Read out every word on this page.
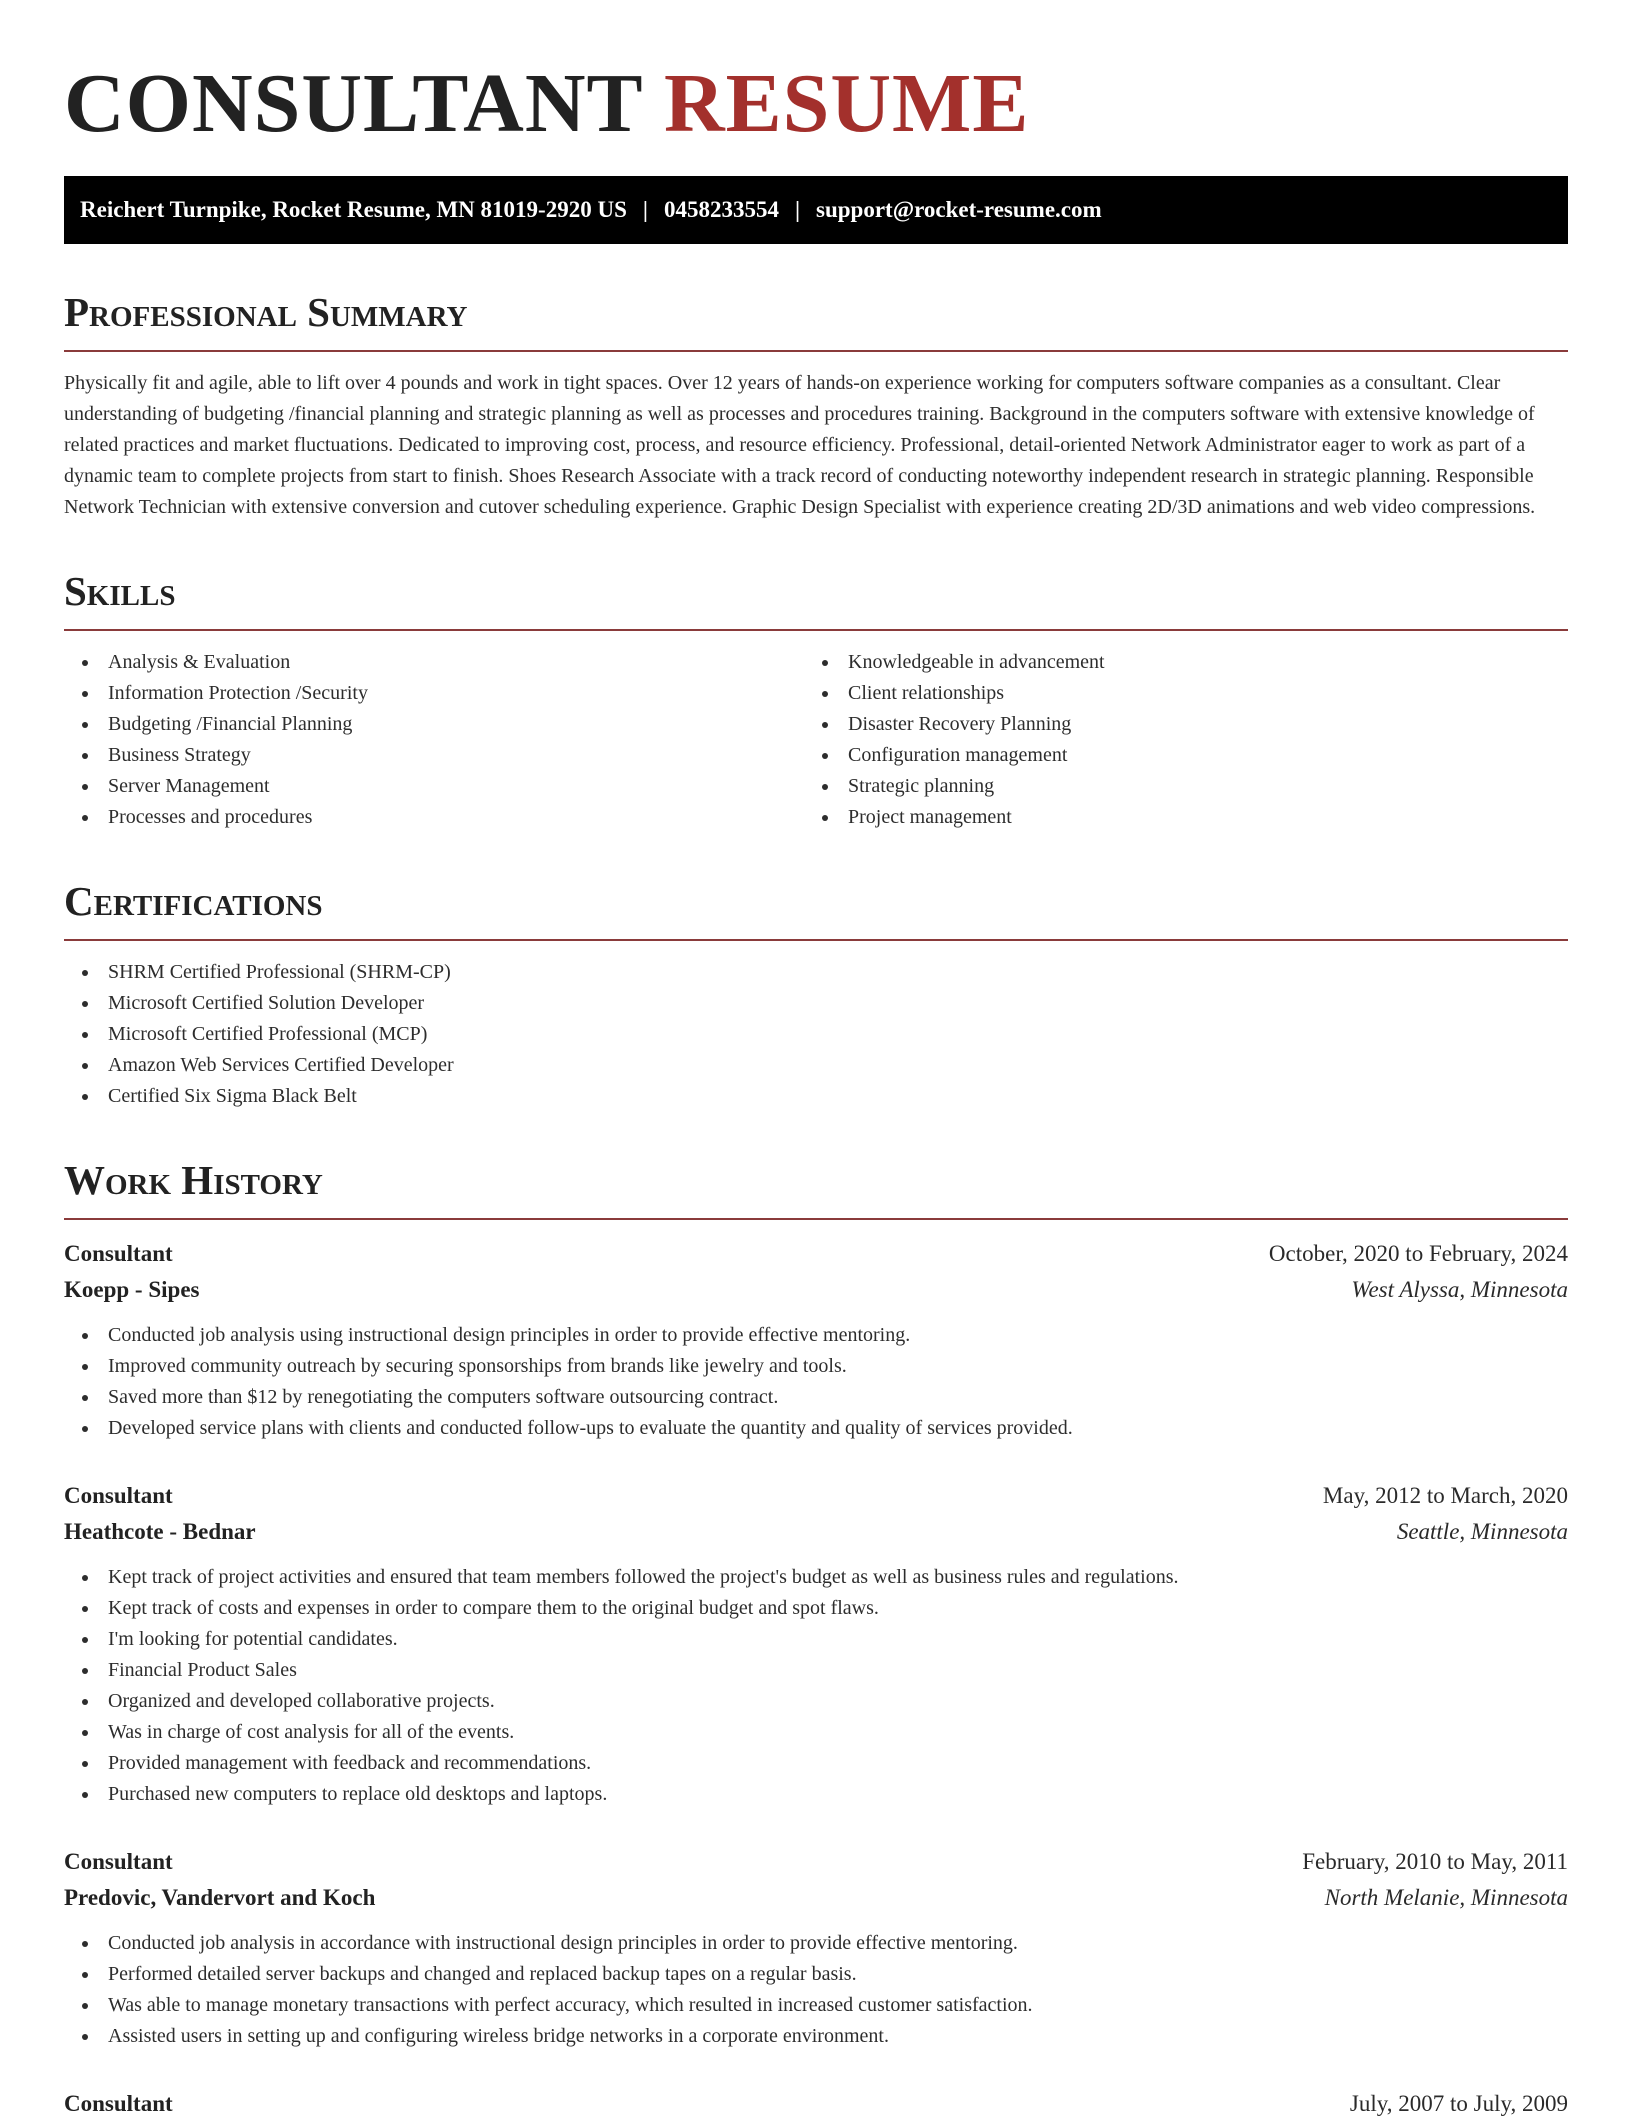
CONSULTANT RESUME
Reichert Turnpike, Rocket Resume, MN 81019-2920 US | 0458233554 | support@rocket-resume.com
Professional Summary

Physically fit and agile, able to lift over 4 pounds and work in tight spaces. Over 12 years of hands-on experience working for computers software companies as a consultant. Clear understanding of budgeting /financial planning and strategic planning as well as processes and procedures training. Background in the computers software with extensive knowledge of related practices and market fluctuations. Dedicated to improving cost, process, and resource efficiency. Professional, detail-oriented Network Administrator eager to work as part of a dynamic team to complete projects from start to finish. Shoes Research Associate with a track record of conducting noteworthy independent research in strategic planning. Responsible Network Technician with extensive conversion and cutover scheduling experience. Graphic Design Specialist with experience creating 2D/3D animations and web video compressions.

Skills
Analysis & Evaluation
Information Protection /Security
Budgeting /Financial Planning
Business Strategy
Server Management
Processes and procedures
Knowledgeable in advancement
Client relationships
Disaster Recovery Planning
Configuration management
Strategic planning
Project management
Certifications
SHRM Certified Professional (SHRM-CP)
Microsoft Certified Solution Developer
Microsoft Certified Professional (MCP)
Amazon Web Services Certified Developer
Certified Six Sigma Black Belt
Work History
Consultant	October, 2020 to February, 2024
Koepp - Sipes	West Alyssa, Minnesota
Conducted job analysis using instructional design principles in order to provide effective mentoring.
Improved community outreach by securing sponsorships from brands like jewelry and tools.
Saved more than $12 by renegotiating the computers software outsourcing contract.
Developed service plans with clients and conducted follow-ups to evaluate the quantity and quality of services provided.
Consultant	May, 2012 to March, 2020
Heathcote - Bednar	Seattle, Minnesota
Kept track of project activities and ensured that team members followed the project's budget as well as business rules and regulations.
Kept track of costs and expenses in order to compare them to the original budget and spot flaws.
I'm looking for potential candidates.
Financial Product Sales
Organized and developed collaborative projects.
Was in charge of cost analysis for all of the events.
Provided management with feedback and recommendations.
Purchased new computers to replace old desktops and laptops.
Consultant	February, 2010 to May, 2011
Predovic, Vandervort and Koch	North Melanie, Minnesota
Conducted job analysis in accordance with instructional design principles in order to provide effective mentoring.
Performed detailed server backups and changed and replaced backup tapes on a regular basis.
Was able to manage monetary transactions with perfect accuracy, which resulted in increased customer satisfaction.
Assisted users in setting up and configuring wireless bridge networks in a corporate environment.
Consultant	July, 2007 to July, 2009
